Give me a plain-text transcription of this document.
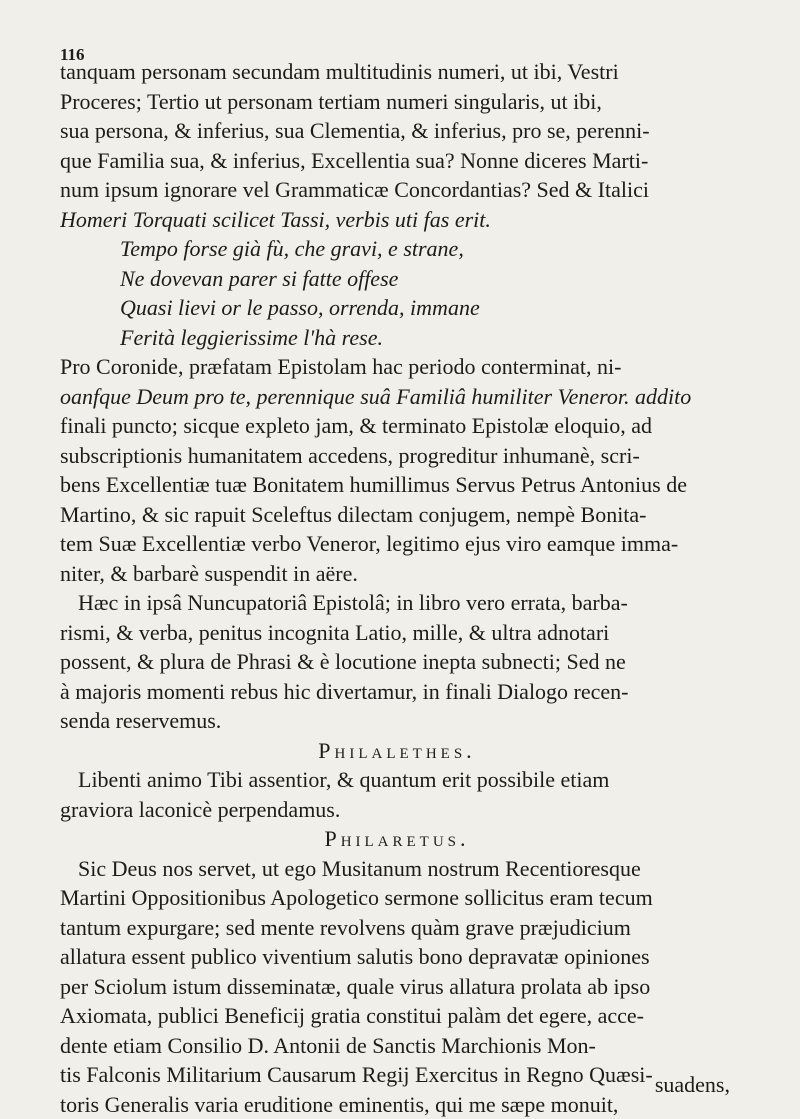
116

tanquam personam secundam multitudinis numeri, ut ibi, Vestri
Proceres; Tertio ut personam tertiam numeri singularis, ut ibi,
sua persona, & inferius, sua Clementia, & inferius, pro se, perenni-
que Familia sua, & inferius, Excellentia sua? Nonne diceres Marti-
num ipsum ignorare vel Grammaticæ Concordantias? Sed & Italici
Homeri Torquati scilicet Tassi, verbis uti fas erit.

Tempo forse già fù, che gravi, e strane,
Ne dovevan parer si fatte offese
Quasi lievi or le passo, orrenda, immane
Ferità leggierissime l'hà rese.

Pro Coronide, præfatam Epistolam hac periodo conterminat, ni-
oanfque Deum pro te, perennique suâ Familiâ humiliter Veneror. addito
finali puncto; sicque expleto jam, & terminato Epistolæ eloquio, ad
subscriptionis humanitatem accedens, progreditur inhumanè, scri-
bens Excellentiæ tuæ Bonitatem humillimus Servus Petrus Antonius de
Martino, & sic rapuit Sceleftus dilectam conjugem, nempè Bonita-
tem Suæ Excellentiæ verbo Veneror, legitimo ejus viro eamque imma-
niter, & barbarè suspendit in aëre.

Hæc in ipsâ Nuncupatoriâ Epistolâ; in libro vero errata, barba-
rismi, & verba, penitus incognita Latio, mille, & ultra adnotari
possent, & plura de Phrasi & è locutione inepta subnecti; Sed ne
à majoris momenti rebus hic divertamur, in finali Dialogo recen-
senda reservemus.

Philalethes.

Libenti animo Tibi assentior, & quantum erit possibile etiam
graviora laconicè perpendamus.

Philaretus.

Sic Deus nos servet, ut ego Musitanum nostrum Recentioresque
Martini Oppositionibus Apologetico sermone sollicitus eram tecum
tantum expurgare; sed mente revolvens quàm grave præjudicium
allatura essent publico viventium salutis bono depravatæ opiniones
per Sciolum istum disseminatæ, quale virus allatura prolata ab ipso
Axiomata, publici Beneficij gratia constitui palàm det egere, acce-
dente etiam Consilio D. Antonii de Sanctis Marchionis Mon-
tis Falconis Militarium Causarum Regij Exercitus in Regno Quæsi-
toris Generalis varia eruditione eminentis, qui me sæpe monuit,

suadens,
